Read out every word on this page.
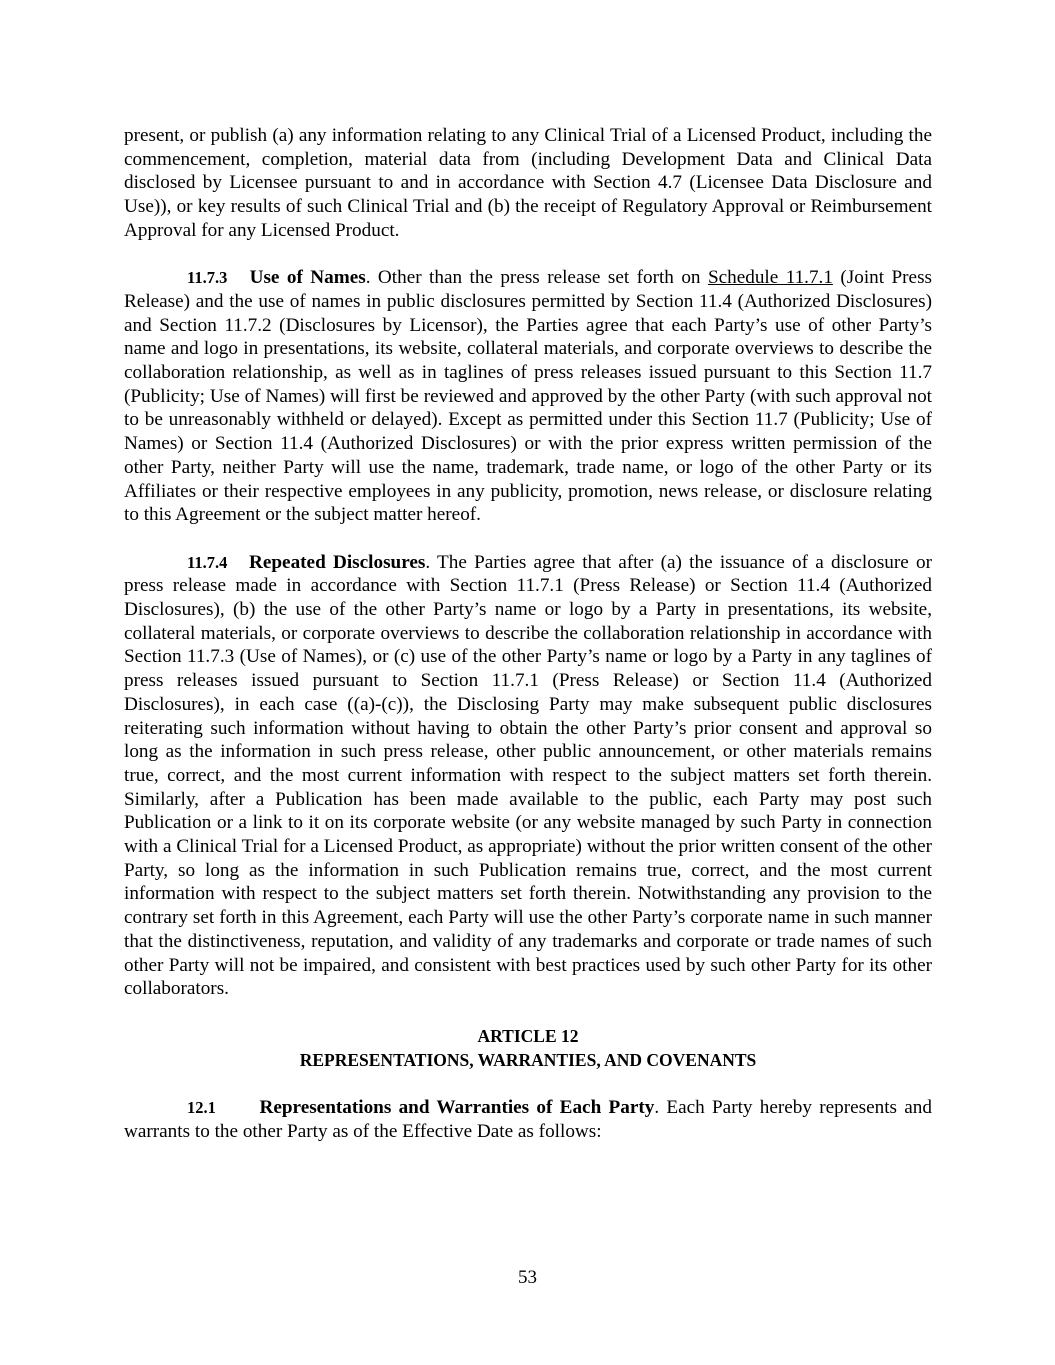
present, or publish (a) any information relating to any Clinical Trial of a Licensed Product, including the commencement, completion, material data from (including Development Data and Clinical Data disclosed by Licensee pursuant to and in accordance with Section 4.7 (Licensee Data Disclosure and Use)), or key results of such Clinical Trial and (b) the receipt of Regulatory Approval or Reimbursement Approval for any Licensed Product.

11.7.3 Use of Names. Other than the press release set forth on Schedule 11.7.1 (Joint Press Release) and the use of names in public disclosures permitted by Section 11.4 (Authorized Disclosures) and Section 11.7.2 (Disclosures by Licensor), the Parties agree that each Party’s use of other Party’s name and logo in presentations, its website, collateral materials, and corporate overviews to describe the collaboration relationship, as well as in taglines of press releases issued pursuant to this Section 11.7 (Publicity; Use of Names) will first be reviewed and approved by the other Party (with such approval not to be unreasonably withheld or delayed). Except as permitted under this Section 11.7 (Publicity; Use of Names) or Section 11.4 (Authorized Disclosures) or with the prior express written permission of the other Party, neither Party will use the name, trademark, trade name, or logo of the other Party or its Affiliates or their respective employees in any publicity, promotion, news release, or disclosure relating to this Agreement or the subject matter hereof.

11.7.4 Repeated Disclosures. The Parties agree that after (a) the issuance of a disclosure or press release made in accordance with Section 11.7.1 (Press Release) or Section 11.4 (Authorized Disclosures), (b) the use of the other Party’s name or logo by a Party in presentations, its website, collateral materials, or corporate overviews to describe the collaboration relationship in accordance with Section 11.7.3 (Use of Names), or (c) use of the other Party’s name or logo by a Party in any taglines of press releases issued pursuant to Section 11.7.1 (Press Release) or Section 11.4 (Authorized Disclosures), in each case ((a)-(c)), the Disclosing Party may make subsequent public disclosures reiterating such information without having to obtain the other Party’s prior consent and approval so long as the information in such press release, other public announcement, or other materials remains true, correct, and the most current information with respect to the subject matters set forth therein. Similarly, after a Publication has been made available to the public, each Party may post such Publication or a link to it on its corporate website (or any website managed by such Party in connection with a Clinical Trial for a Licensed Product, as appropriate) without the prior written consent of the other Party, so long as the information in such Publication remains true, correct, and the most current information with respect to the subject matters set forth therein. Notwithstanding any provision to the contrary set forth in this Agreement, each Party will use the other Party’s corporate name in such manner that the distinctiveness, reputation, and validity of any trademarks and corporate or trade names of such other Party will not be impaired, and consistent with best practices used by such other Party for its other collaborators.

ARTICLE 12
REPRESENTATIONS, WARRANTIES, AND COVENANTS

12.1 Representations and Warranties of Each Party. Each Party hereby represents and warrants to the other Party as of the Effective Date as follows:

53
